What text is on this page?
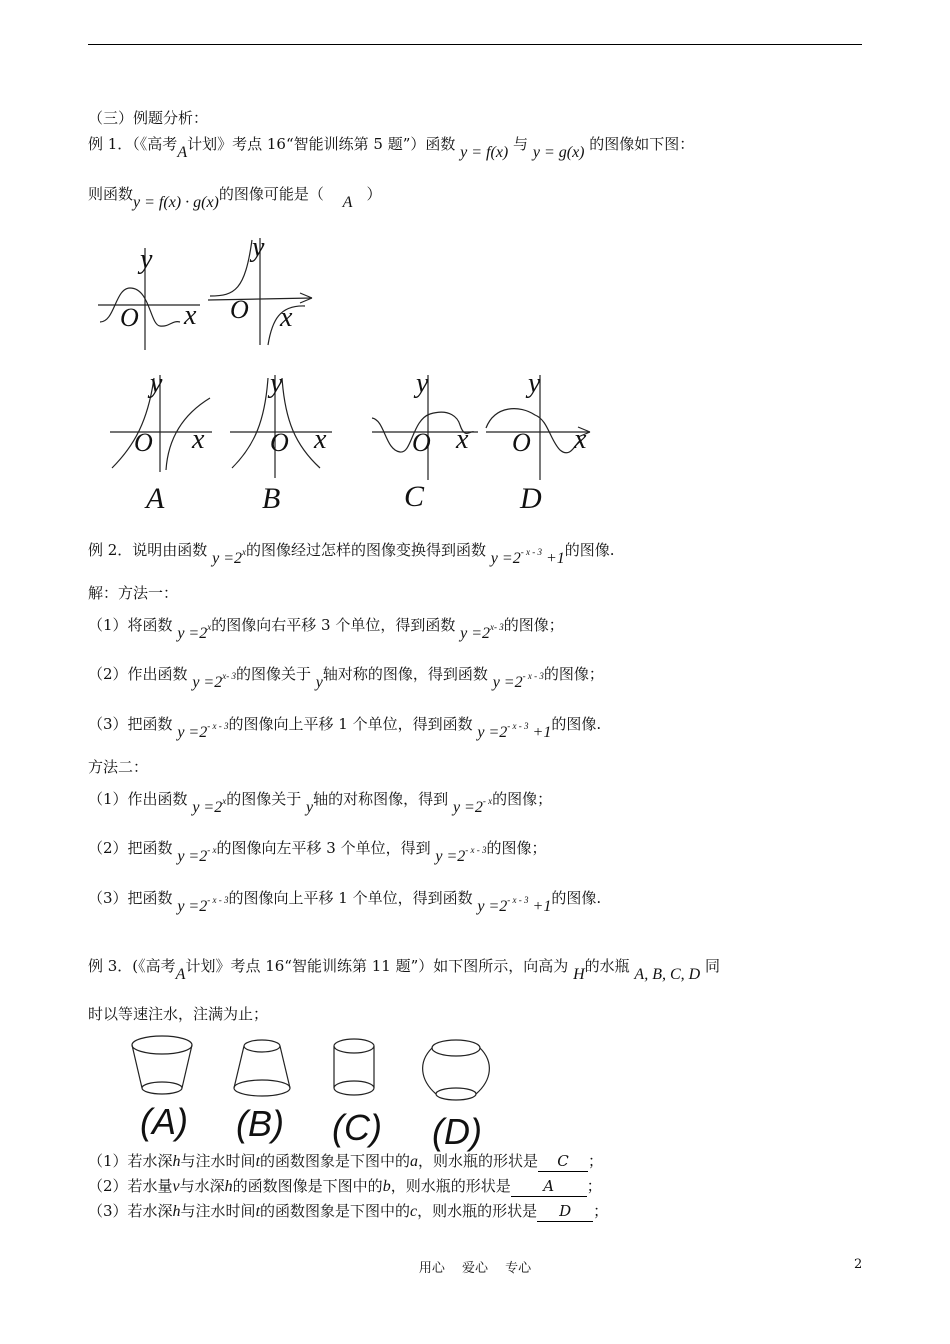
（三）例题分析：
例 1．（《高考A计划》考点 16“智能训练第 5 题”）函数 y = f(x) 与 y = g(x) 的图像如下图：
则函数y = f(x) · g(x)的图像可能是（ A ）
y
O x
y
O x
y
O x
y
O x
y
O x
y
O x
A	B	C	D
例 2．说明由函数 $y =2^x$的图像经过怎样的图像变换得到函数 $y =2^{- x - 3} +1$的图像.
解：方法一：
（1）将函数 $y =2^x$的图像向右平移 3 个单位，得到函数 $y =2^{x- 3}$的图像；
（2）作出函数 $y =2^{x- 3}$的图像关于 y轴对称的图像，得到函数 $y =2^{- x - 3}$的图像；
（3）把函数 $y =2^{- x - 3}$的图像向上平移 1 个单位，得到函数 $y =2^{- x - 3} +1$的图像.
方法二：
（1）作出函数 $y =2^x$的图像关于 y轴的对称图像，得到 $y =2^{- x}$的图像；
（2）把函数 $y =2^{- x}$的图像向左平移 3 个单位，得到 $y =2^{- x - 3}$的图像；
（3）把函数 $y =2^{- x - 3}$的图像向上平移 1 个单位，得到函数 $y =2^{- x - 3} +1$的图像.
例 3．(《高考A计划》考点 16“智能训练第 11 题”）如下图所示，向高为 H的水瓶 A, B, C, D 同
时以等速注水，注满为止；
(A) (B) (C) (D)
（1）若水深h与注水时间t的函数图象是下图中的a，则水瓶的形状是 C ；
（2）若水量v与水深h的函数图像是下图中的b，则水瓶的形状是 A ；
（3）若水深h与注水时间t的函数图象是下图中的c，则水瓶的形状是 D ；
用心　 爱心　 专心	2
